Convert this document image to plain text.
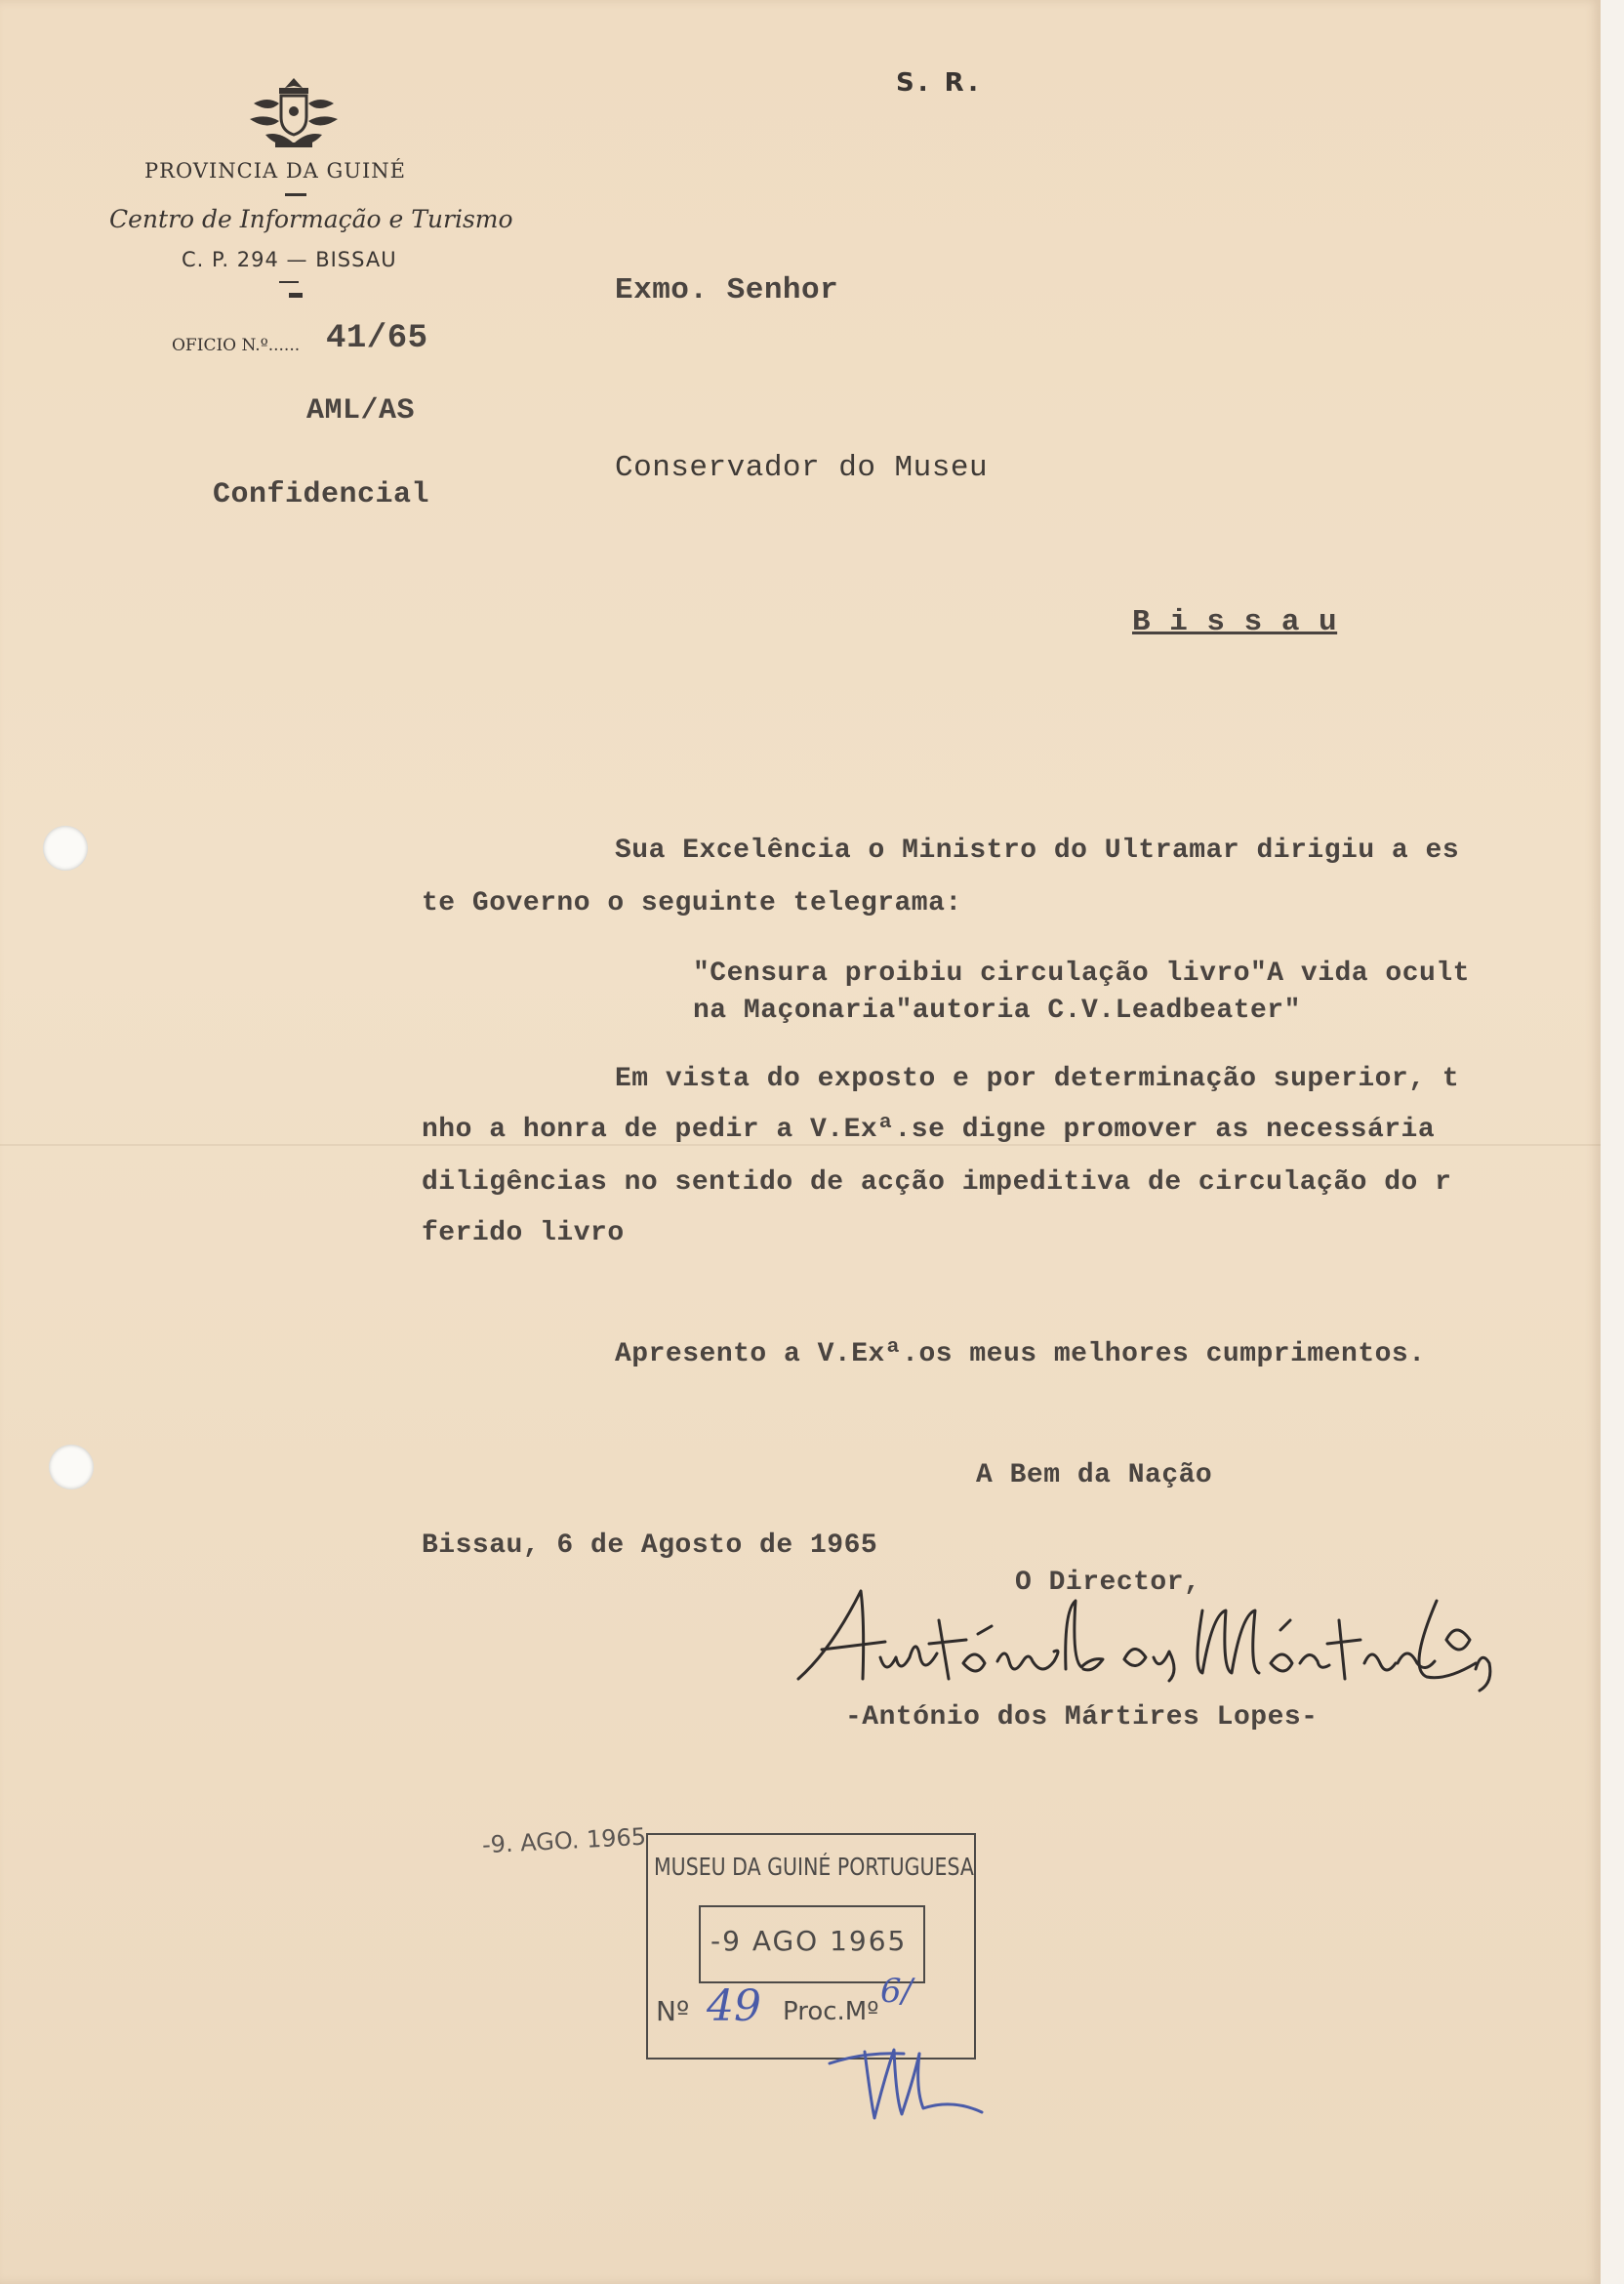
S. R.
PROVINCIA DA GUINÉ
Centro de Informação e Turismo
C. P. 294 — BISSAU
OFICIO N.º...... 41/65
AML/AS
Confidencial
Exmo. Senhor
Conservador do Museu
B i s s a u
Sua Excelência o Ministro do Ultramar dirigiu a es
te Governo o seguinte telegrama:
"Censura proibiu circulação livro"A vida ocult
na Maçonaria"autoria C.V.Leadbeater"
Em vista do exposto e por determinação superior, t
nho a honra de pedir a V.Exª.se digne promover as necessária
diligências no sentido de acção impeditiva de circulação do r
ferido livro
Apresento a V.Exª.os meus melhores cumprimentos.
A Bem da Nação
Bissau, 6 de Agosto de 1965
O Director,
-António dos Mártires Lopes-
-9. AGO. 1965
MUSEU DA GUINÉ PORTUGUESA
-9 AGO 1965
Nº 49 Proc.Mº
6/
